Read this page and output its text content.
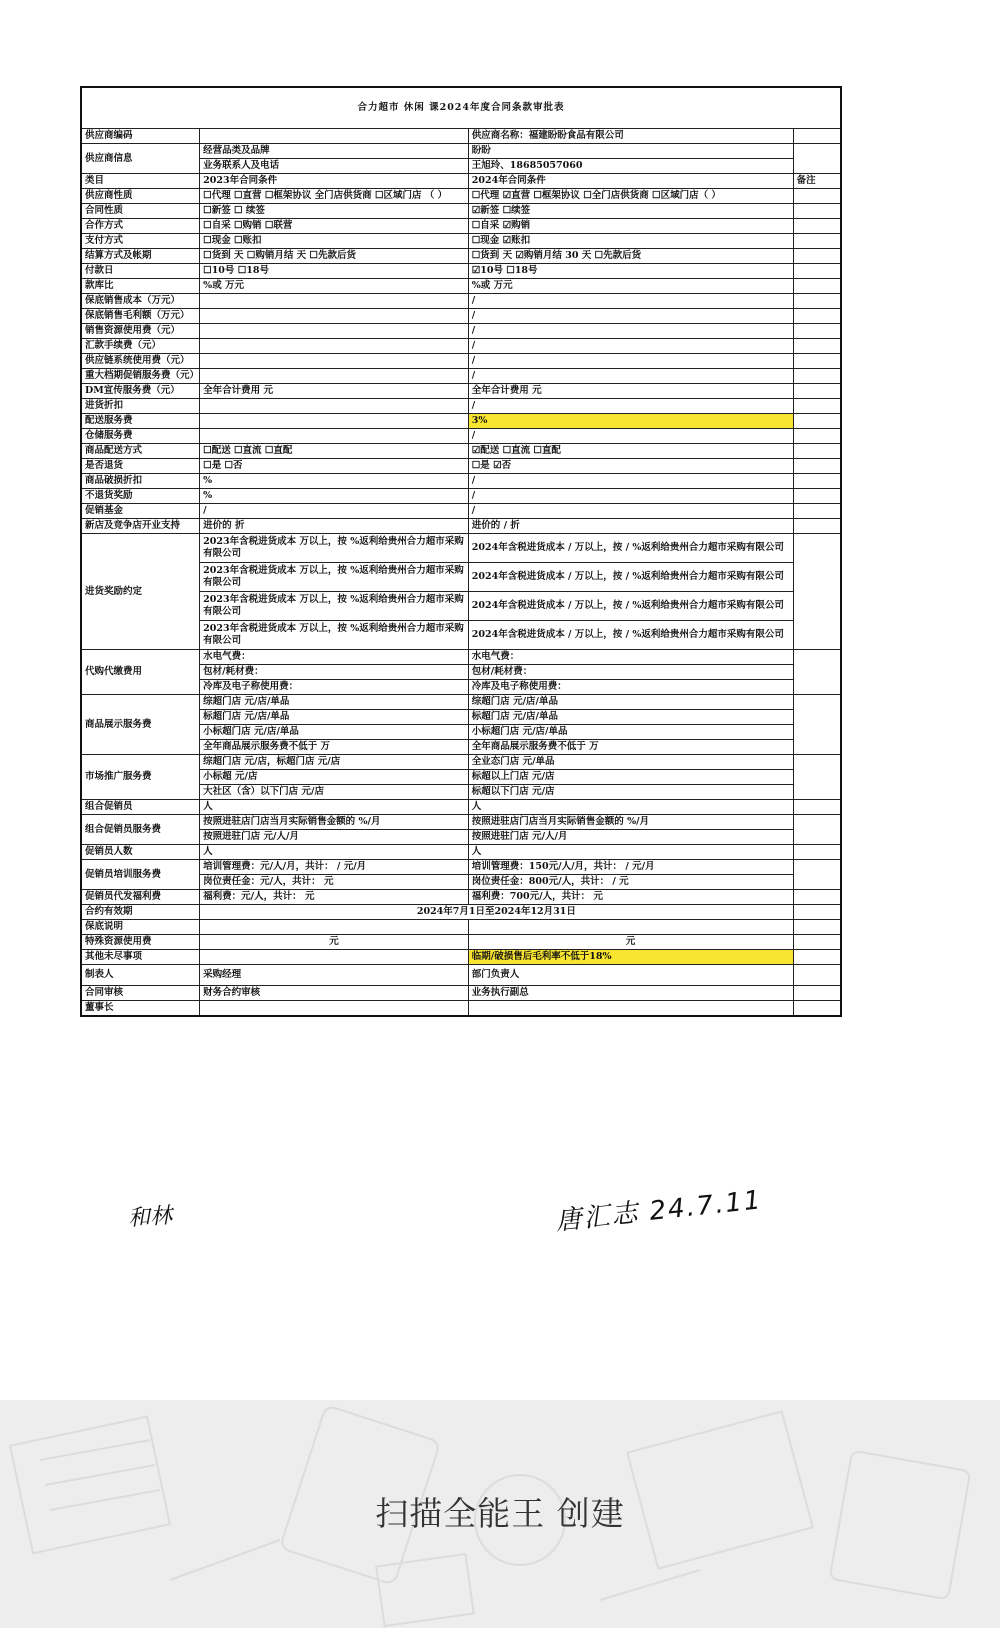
合力超市 休闲 课2024年度合同条款审批表			
供应商编码		供应商名称：福建盼盼食品有限公司	
供应商信息	经营品类及品牌	盼盼	
	业务联系人及电话	王旭玲、18685057060	
类目	2023年合同条件	2024年合同条件	备注
供应商性质	☐代理 ☐直营 ☐框架协议 全门店供货商 ☐区域门店 （ ）	☐代理 ☑直营 ☐框架协议 ☐全门店供货商 ☐区域门店（ ）	
合同性质	☐新签 ☐ 续签	☑新签 ☐续签	
合作方式	☐自采 ☐购销 ☐联营	☐自采 ☑购销	
支付方式	☐现金 ☐账扣	☐现金 ☑账扣	
结算方式及帐期	☐货到 天 ☐购销月结 天 ☐先款后货	☐货到 天 ☑购销月结 30 天 ☐先款后货	
付款日	☐10号 ☐18号	☑10号 ☐18号	
款库比	%或 万元	%或 万元	
保底销售成本（万元）		/	
保底销售毛利额（万元）		/	
销售资源使用费（元）		/	
汇款手续费（元）		/	
供应链系统使用费（元）		/	
重大档期促销服务费（元）		/	
DM宣传服务费（元）	全年合计费用 元	全年合计费用 元	
进货折扣		/	
配送服务费		3%	
仓储服务费		/	
商品配送方式	☐配送 ☐直流 ☐直配	☑配送 ☐直流 ☐直配	
是否退货	☐是 ☐否	☐是 ☑否	
商品破损折扣	%	/	
不退货奖励	%	/	
促销基金	/	/	
新店及竞争店开业支持	进价的 折	进价的 / 折	
进货奖励约定	2023年含税进货成本 万以上，按 %返利给贵州合力超市采购有限公司	2024年含税进货成本 / 万以上，按 / %返利给贵州合力超市采购有限公司	
	2023年含税进货成本 万以上，按 %返利给贵州合力超市采购有限公司	2024年含税进货成本 / 万以上，按 / %返利给贵州合力超市采购有限公司	
	2023年含税进货成本 万以上，按 %返利给贵州合力超市采购有限公司	2024年含税进货成本 / 万以上，按 / %返利给贵州合力超市采购有限公司	
	2023年含税进货成本 万以上，按 %返利给贵州合力超市采购有限公司	2024年含税进货成本 / 万以上，按 / %返利给贵州合力超市采购有限公司	
代购代缴费用	水电气费：	水电气费：	
	包材/耗材费：	包材/耗材费：	
	冷库及电子称使用费：	冷库及电子称使用费：	
商品展示服务费	综超门店 元/店/单品	综超门店 元/店/单品	
	标超门店 元/店/单品	标超门店 元/店/单品	
	小标超门店 元/店/单品	小标超门店 元/店/单品	
	全年商品展示服务费不低于 万	全年商品展示服务费不低于 万	
市场推广服务费	综超门店 元/店，标超门店 元/店	全业态门店 元/单品	
	小标超 元/店	标超以上门店 元/店	
	大社区（含）以下门店 元/店	标超以下门店 元/店	
组合促销员	人	人	
组合促销员服务费	按照进驻店门店当月实际销售金额的 %/月	按照进驻店门店当月实际销售金额的 %/月	
	按照进驻门店 元/人/月	按照进驻门店 元/人/月	
促销员人数	人	人	
促销员培训服务费	培训管理费：元/人/月，共计： / 元/月	培训管理费：150元/人/月，共计： / 元/月	
	岗位责任金：元/人，共计： 元	岗位责任金：800元/人，共计： / 元	
促销员代发福利费	福利费：元/人，共计： 元	福利费：700元/人，共计： 元	
合约有效期	2024年7月1日至2024年12月31日		
保底说明			
特殊资源使用费	元	元	
其他未尽事项		临期/破损售后毛利率不低于18%	
制表人	采购经理	部门负责人	
合同审核	财务合约审核	业务执行副总	
董事长			
和林	唐汇志 24.7.11
扫描全能王 创建
